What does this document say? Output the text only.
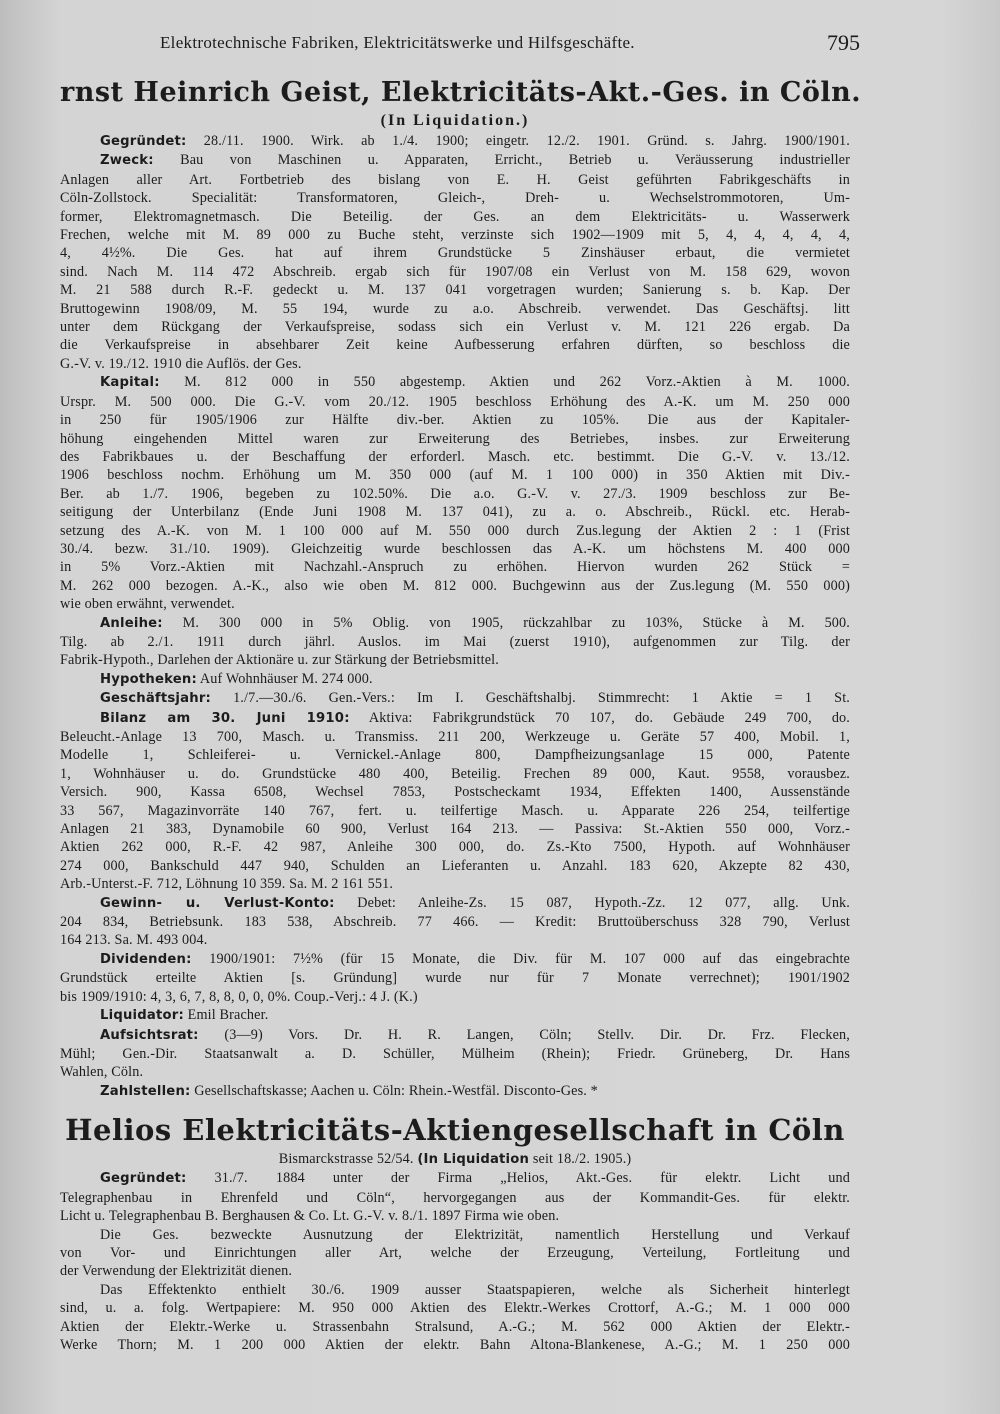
Elektrotechnische Fabriken, Elektricitätswerke und Hilfsgeschäfte.	795
rnst Heinrich Geist, Elektricitäts-Akt.-Ges. in Cöln.

(In Liquidation.)

Gegründet: 28./11. 1900. Wirk. ab 1./4. 1900; eingetr. 12./2. 1901. Gründ. s. Jahrg. 1900/1901.
Zweck: Bau von Maschinen u. Apparaten, Erricht., Betrieb u. Veräusserung industrieller
Anlagen aller Art. Fortbetrieb des bislang von E. H. Geist geführten Fabrikgeschäfts in
Cöln-Zollstock. Specialität: Transformatoren, Gleich-, Dreh- u. Wechselstrommotoren, Um-
former, Elektromagnetmasch. Die Beteilig. der Ges. an dem Elektricitäts- u. Wasserwerk
Frechen, welche mit M. 89 000 zu Buche steht, verzinste sich 1902—1909 mit 5, 4, 4, 4, 4, 4,
4, 4½%. Die Ges. hat auf ihrem Grundstücke 5 Zinshäuser erbaut, die vermietet
sind. Nach M. 114 472 Abschreib. ergab sich für 1907/08 ein Verlust von M. 158 629, wovon
M. 21 588 durch R.-F. gedeckt u. M. 137 041 vorgetragen wurden; Sanierung s. b. Kap. Der
Bruttogewinn 1908/09, M. 55 194, wurde zu a.o. Abschreib. verwendet. Das Geschäftsj. litt
unter dem Rückgang der Verkaufspreise, sodass sich ein Verlust v. M. 121 226 ergab. Da
die Verkaufspreise in absehbarer Zeit keine Aufbesserung erfahren dürften, so beschloss die
G.-V. v. 19./12. 1910 die Auflös. der Ges.
Kapital: M. 812 000 in 550 abgestemp. Aktien und 262 Vorz.-Aktien à M. 1000.
Urspr. M. 500 000. Die G.-V. vom 20./12. 1905 beschloss Erhöhung des A.-K. um M. 250 000
in 250 für 1905/1906 zur Hälfte div.-ber. Aktien zu 105%. Die aus der Kapitaler-
höhung eingehenden Mittel waren zur Erweiterung des Betriebes, insbes. zur Erweiterung
des Fabrikbaues u. der Beschaffung der erforderl. Masch. etc. bestimmt. Die G.-V. v. 13./12.
1906 beschloss nochm. Erhöhung um M. 350 000 (auf M. 1 100 000) in 350 Aktien mit Div.-
Ber. ab 1./7. 1906, begeben zu 102.50%. Die a.o. G.-V. v. 27./3. 1909 beschloss zur Be-
seitigung der Unterbilanz (Ende Juni 1908 M. 137 041), zu a. o. Abschreib., Rückl. etc. Herab-
setzung des A.-K. von M. 1 100 000 auf M. 550 000 durch Zus.legung der Aktien 2 : 1 (Frist
30./4. bezw. 31./10. 1909). Gleichzeitig wurde beschlossen das A.-K. um höchstens M. 400 000
in 5% Vorz.-Aktien mit Nachzahl.-Anspruch zu erhöhen. Hiervon wurden 262 Stück =
M. 262 000 bezogen. A.-K., also wie oben M. 812 000. Buchgewinn aus der Zus.legung (M. 550 000)
wie oben erwähnt, verwendet.
Anleihe: M. 300 000 in 5% Oblig. von 1905, rückzahlbar zu 103%, Stücke à M. 500.
Tilg. ab 2./1. 1911 durch jährl. Auslos. im Mai (zuerst 1910), aufgenommen zur Tilg. der
Fabrik-Hypoth., Darlehen der Aktionäre u. zur Stärkung der Betriebsmittel.
Hypotheken: Auf Wohnhäuser M. 274 000.
Geschäftsjahr: 1./7.—30./6. Gen.-Vers.: Im I. Geschäftshalbj. Stimmrecht: 1 Aktie = 1 St.
Bilanz am 30. Juni 1910: Aktiva: Fabrikgrundstück 70 107, do. Gebäude 249 700, do.
Beleucht.-Anlage 13 700, Masch. u. Transmiss. 211 200, Werkzeuge u. Geräte 57 400, Mobil. 1,
Modelle 1, Schleiferei- u. Vernickel.-Anlage 800, Dampfheizungsanlage 15 000, Patente
1, Wohnhäuser u. do. Grundstücke 480 400, Beteilig. Frechen 89 000, Kaut. 9558, vorausbez.
Versich. 900, Kassa 6508, Wechsel 7853, Postscheckamt 1934, Effekten 1400, Aussenstände
33 567, Magazinvorräte 140 767, fert. u. teilfertige Masch. u. Apparate 226 254, teilfertige
Anlagen 21 383, Dynamobile 60 900, Verlust 164 213. — Passiva: St.-Aktien 550 000, Vorz.-
Aktien 262 000, R.-F. 42 987, Anleihe 300 000, do. Zs.-Kto 7500, Hypoth. auf Wohnhäuser
274 000, Bankschuld 447 940, Schulden an Lieferanten u. Anzahl. 183 620, Akzepte 82 430,
Arb.-Unterst.-F. 712, Löhnung 10 359. Sa. M. 2 161 551.
Gewinn- u. Verlust-Konto: Debet: Anleihe-Zs. 15 087, Hypoth.-Zz. 12 077, allg. Unk.
204 834, Betriebsunk. 183 538, Abschreib. 77 466. — Kredit: Bruttoüberschuss 328 790, Verlust
164 213. Sa. M. 493 004.
Dividenden: 1900/1901: 7½% (für 15 Monate, die Div. für M. 107 000 auf das eingebrachte
Grundstück erteilte Aktien [s. Gründung] wurde nur für 7 Monate verrechnet); 1901/1902
bis 1909/1910: 4, 3, 6, 7, 8, 8, 0, 0, 0%. Coup.-Verj.: 4 J. (K.)
Liquidator: Emil Bracher.
Aufsichtsrat: (3—9) Vors. Dr. H. R. Langen, Cöln; Stellv. Dir. Dr. Frz. Flecken,
Mühl; Gen.-Dir. Staatsanwalt a. D. Schüller, Mülheim (Rhein); Friedr. Grüneberg, Dr. Hans
Wahlen, Cöln.
Zahlstellen: Gesellschaftskasse; Aachen u. Cöln: Rhein.-Westfäl. Disconto-Ges. *
Helios Elektricitäts-Aktiengesellschaft in Cöln
Bismarckstrasse 52/54. (In Liquidation seit 18./2. 1905.)
Gegründet: 31./7. 1884 unter der Firma „Helios, Akt.-Ges. für elektr. Licht und
Telegraphenbau in Ehrenfeld und Cöln“, hervorgegangen aus der Kommandit-Ges. für elektr.
Licht u. Telegraphenbau B. Berghausen & Co. Lt. G.-V. v. 8./1. 1897 Firma wie oben.
Die Ges. bezweckte Ausnutzung der Elektrizität, namentlich Herstellung und Verkauf
von Vor- und Einrichtungen aller Art, welche der Erzeugung, Verteilung, Fortleitung und
der Verwendung der Elektrizität dienen.
Das Effektenkto enthielt 30./6. 1909 ausser Staatspapieren, welche als Sicherheit hinterlegt
sind, u. a. folg. Wertpapiere: M. 950 000 Aktien des Elektr.-Werkes Crottorf, A.-G.; M. 1 000 000
Aktien der Elektr.-Werke u. Strassenbahn Stralsund, A.-G.; M. 562 000 Aktien der Elektr.-
Werke Thorn; M. 1 200 000 Aktien der elektr. Bahn Altona-Blankenese, A.-G.; M. 1 250 000
